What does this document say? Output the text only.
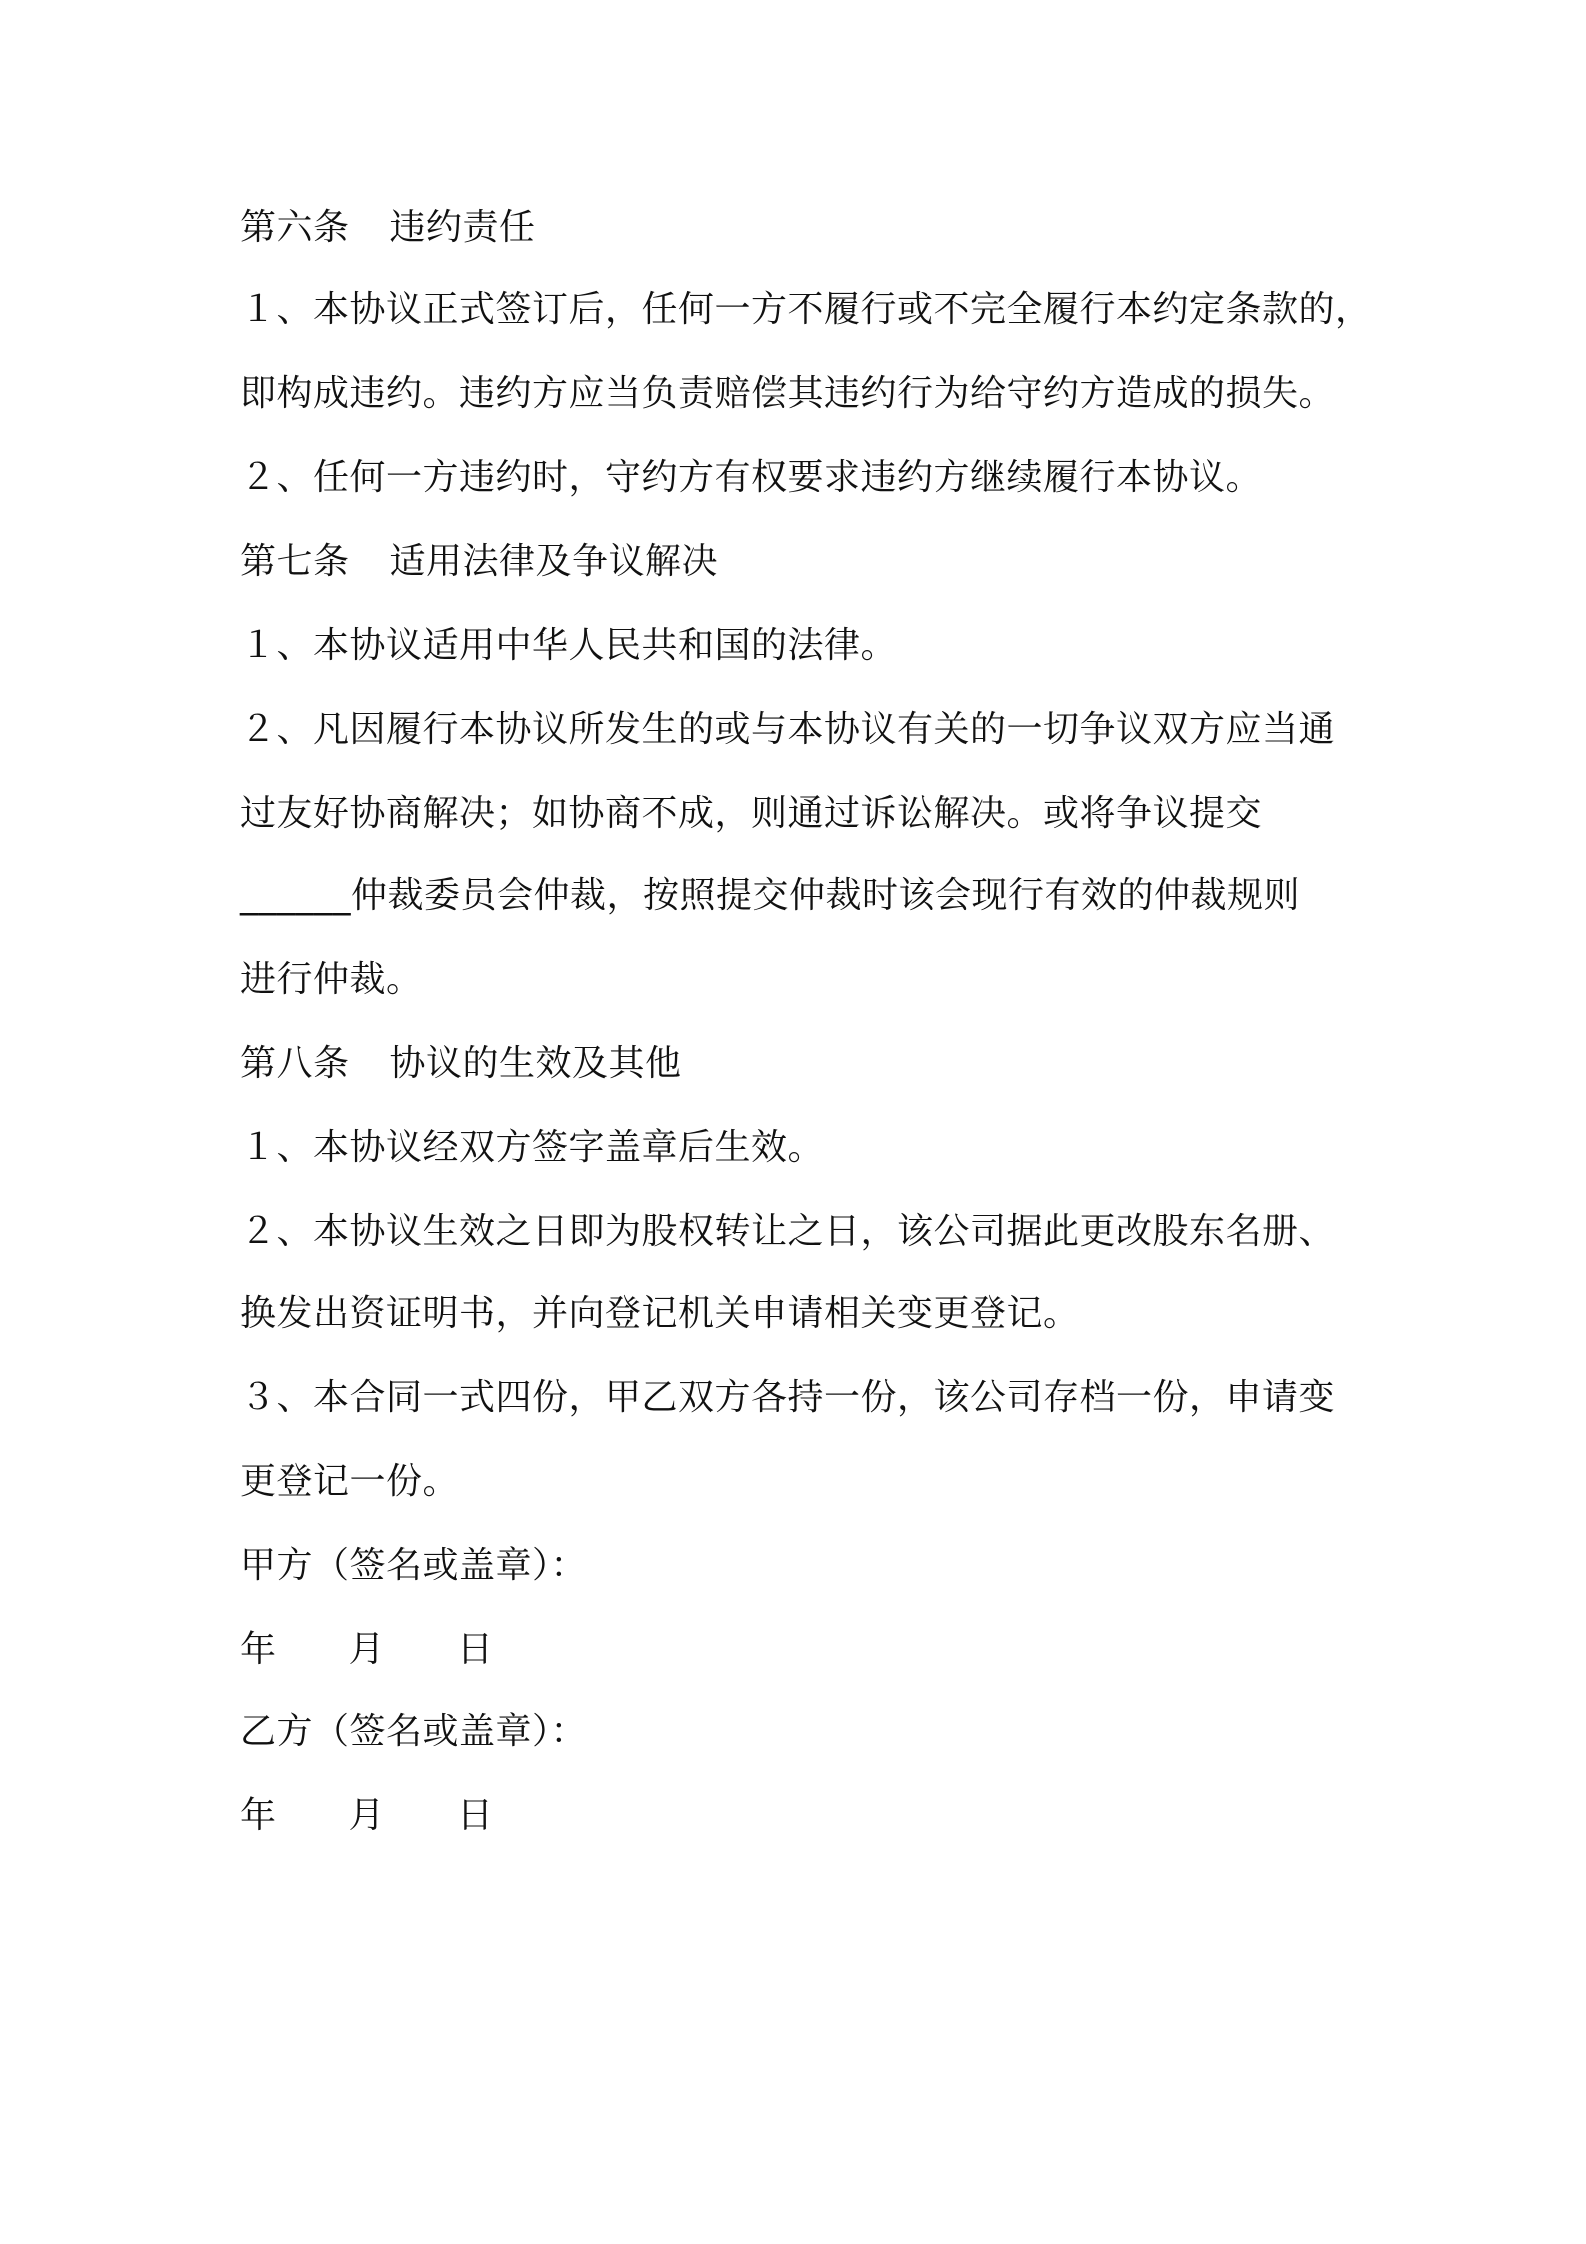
第六条 违约责任
１、本协议正式签订后，任何一方不履行或不完全履行本约定条款的，
即构成违约。违约方应当负责赔偿其违约行为给守约方造成的损失。
２、任何一方违约时，守约方有权要求违约方继续履行本协议。
第七条 适用法律及争议解决
１、本协议适用中华人民共和国的法律。
２、凡因履行本协议所发生的或与本协议有关的一切争议双方应当通
过友好协商解决；如协商不成，则通过诉讼解决。或将争议提交
______仲裁委员会仲裁，按照提交仲裁时该会现行有效的仲裁规则
进行仲裁。
第八条 协议的生效及其他
１、本协议经双方签字盖章后生效。
２、本协议生效之日即为股权转让之日，该公司据此更改股东名册、
换发出资证明书，并向登记机关申请相关变更登记。
３、本合同一式四份，甲乙双方各持一份，该公司存档一份，申请变
更登记一份。
甲方（签名或盖章）：
年 月 日
乙方（签名或盖章）：
年 月 日
